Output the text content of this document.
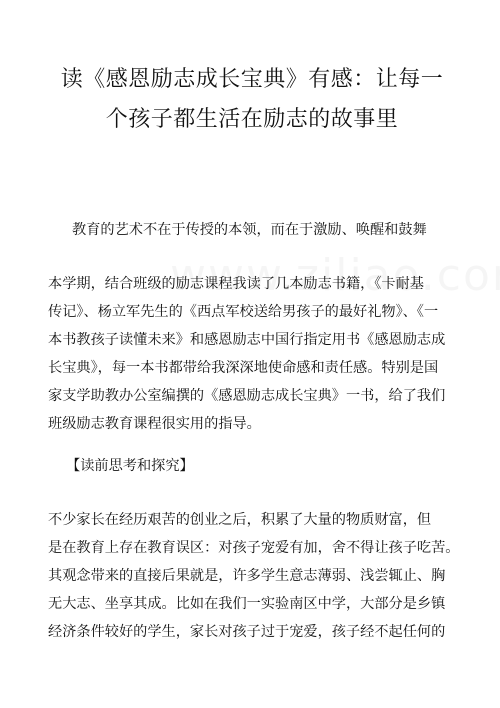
读《感恩励志成长宝典》有感：让每一
个孩子都生活在励志的故事里

教育的艺术不在于传授的本领，而在于激励、唤醒和鼓舞

本学期，结合班级的励志课程我读了几本励志书籍，《卡耐基
传记》、杨立军先生的《西点军校送给男孩子的最好礼物》、《一
本书教孩子读懂未来》和感恩励志中国行指定用书《感恩励志成
长宝典》，每一本书都带给我深深地使命感和责任感。特别是国
家支学助教办公室编撰的《感恩励志成长宝典》一书，给了我们
班级励志教育课程很实用的指导。

【读前思考和探究】

不少家长在经历艰苦的创业之后，积累了大量的物质财富，但
是在教育上存在教育误区：对孩子宠爱有加，舍不得让孩子吃苦。
其观念带来的直接后果就是，许多学生意志薄弱、浅尝辄止、胸
无大志、坐享其成。比如在我们一实验南区中学，大部分是乡镇
经济条件较好的学生，家长对孩子过于宠爱，孩子经不起任何的
